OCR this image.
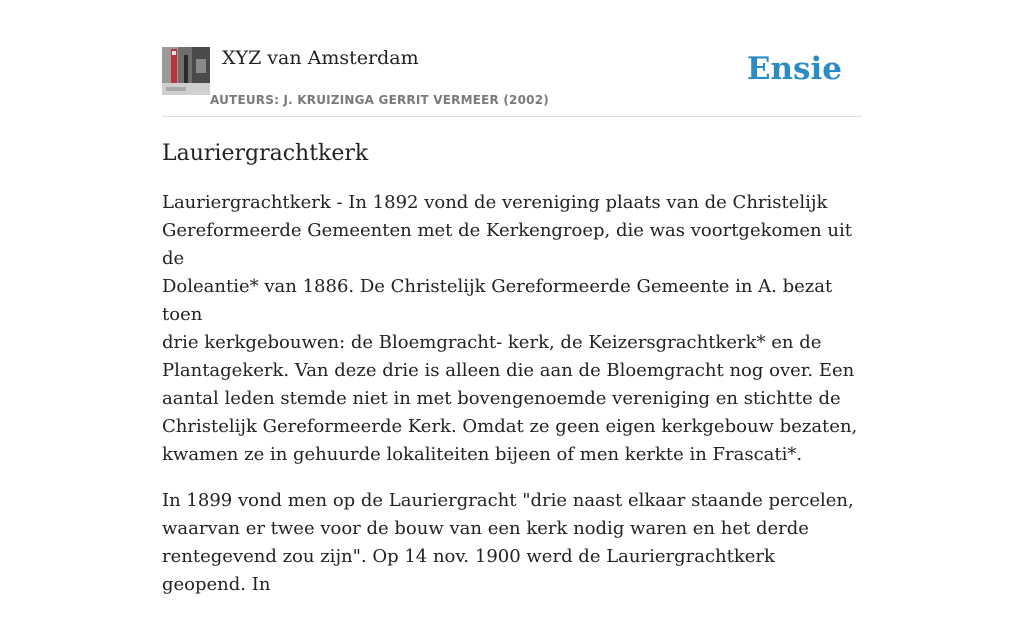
XYZ van Amsterdam
AUTEURS: J. KRUIZINGA GERRIT VERMEER (2002)
Ensie
Lauriergrachtkerk

Lauriergrachtkerk - In 1892 vond de vereniging plaats van de Christelijk
Gereformeerde Gemeenten met de Kerkengroep, die was voortgekomen uit de
Doleantie* van 1886. De Christelijk Gereformeerde Gemeente in A. bezat toen
drie kerkgebouwen: de Bloemgracht- kerk, de Keizersgrachtkerk* en de
Plantagekerk. Van deze drie is alleen die aan de Bloemgracht nog over. Een
aantal leden stemde niet in met bovengenoemde vereniging en stichtte de
Christelijk Gereformeerde Kerk. Omdat ze geen eigen kerkgebouw bezaten,
kwamen ze in gehuurde lokaliteiten bijeen of men kerkte in Frascati*.

In 1899 vond men op de Lauriergracht "drie naast elkaar staande percelen,
waarvan er twee voor de bouw van een kerk nodig waren en het derde
rentegevend zou zijn". Op 14 nov. 1900 werd de Lauriergrachtkerk geopend. In
